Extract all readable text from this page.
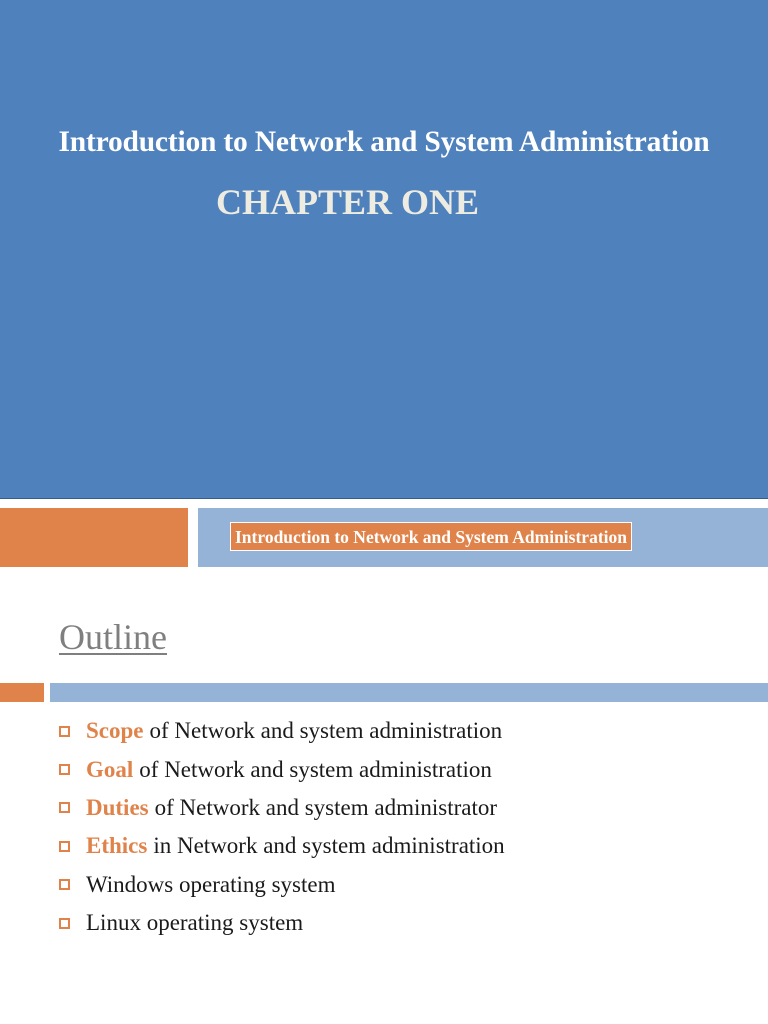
Introduction to Network and System Administration
CHAPTER ONE
Introduction to Network and System Administration
Outline
Scope of Network and system administration
Goal of Network and system administration
Duties of Network and system administrator
Ethics in Network and system administration
Windows operating system
Linux operating system
